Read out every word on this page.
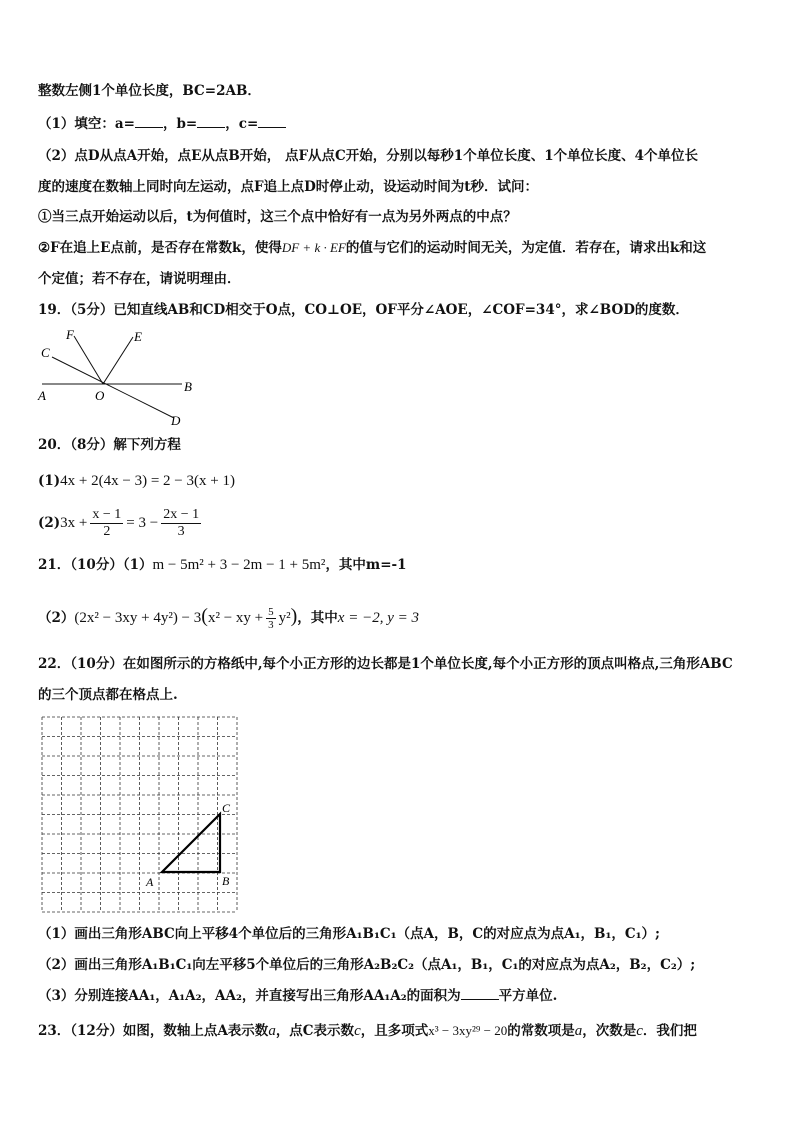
整数左侧1个单位长度，BC=2AB．
（1）填空：a= ，b= ，c=
（2）点D从点A开始，点E从点B开始， 点F从点C开始，分别以每秒1个单位长度、1个单位长度、4个单位长
度的速度在数轴上同时向左运动，点F追上点D时停止动，设运动时间为t秒．试问：
①当三点开始运动以后，t为何值时，这三个点中恰好有一点为另外两点的中点？
②F在追上E点前，是否存在常数k，使得DF + k · EF的值与它们的运动时间无关，为定值．若存在，请求出k和这
个定值；若不存在，请说明理由．
19．（5分）已知直线AB和CD相交于O点，CO⊥OE，OF平分∠AOE，∠COF=34°，求∠BOD的度数．
A
B
C
D
E
F
O
20．（8分）解下列方程
(1)4x + 2(4x − 3) = 2 − 3(x + 1)
$(2)3x + \frac{x - 1}{2} = 3 - \frac{2x - 1}{3}$
21．（10分）（1）m − 5m² + 3 − 2m − 1 + 5m²，其中m=-1
（2）(2x² − 3xy + 4y²) − 3(x² − xy + $\frac{5}{3} y^2$)，其中x = −2, y = 3
22．（10分）在如图所示的方格纸中,每个小正方形的边长都是1个单位长度,每个小正方形的顶点叫格点,三角形ABC
的三个顶点都在格点上.
A	B
C
（1）画出三角形ABC向上平移4个单位后的三角形A₁B₁C₁（点A，B，C的对应点为点A₁，B₁，C₁）;
（2）画出三角形A₁B₁C₁向左平移5个单位后的三角形A₂B₂C₂（点A₁，B₁，C₁的对应点为点A₂，B₂，C₂）;
（3）分别连接AA₁，A₁A₂，AA₂，并直接写出三角形AA₁A₂的面积为	平方单位.
23．（12分）如图，数轴上点A表示数a，点C表示数c，且多项式x³ − 3xy²⁹ − 20的常数项是a，次数是c．我们把
